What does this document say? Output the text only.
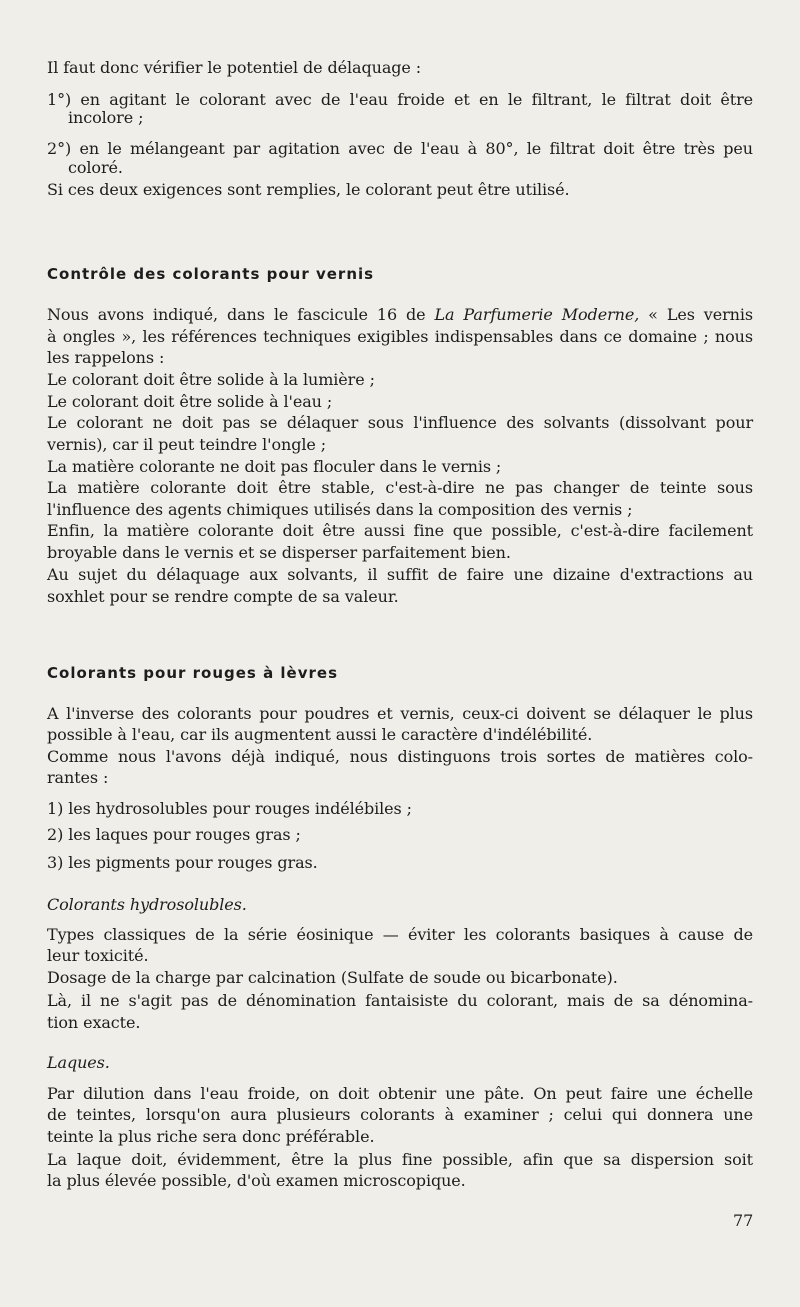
Il faut donc vérifier le potentiel de délaquage :
1°) en agitant le colorant avec de l'eau froide et en le filtrant, le filtrat doit être
incolore ;
2°) en le mélangeant par agitation avec de l'eau à 80°, le filtrat doit être très peu
coloré.
Si ces deux exigences sont remplies, le colorant peut être utilisé.
Contrôle des colorants pour vernis
Nous avons indiqué, dans le fascicule 16 de La Parfumerie Moderne, « Les vernis
à ongles », les références techniques exigibles indispensables dans ce domaine ; nous
les rappelons :
Le colorant doit être solide à la lumière ;
Le colorant doit être solide à l'eau ;
Le colorant ne doit pas se délaquer sous l'influence des solvants (dissolvant pour
vernis), car il peut teindre l'ongle ;
La matière colorante ne doit pas floculer dans le vernis ;
La matière colorante doit être stable, c'est-à-dire ne pas changer de teinte sous
l'influence des agents chimiques utilisés dans la composition des vernis ;
Enfin, la matière colorante doit être aussi fine que possible, c'est-à-dire facilement
broyable dans le vernis et se disperser parfaitement bien.
Au sujet du délaquage aux solvants, il suffit de faire une dizaine d'extractions au
soxhlet pour se rendre compte de sa valeur.
Colorants pour rouges à lèvres
A l'inverse des colorants pour poudres et vernis, ceux-ci doivent se délaquer le plus
possible à l'eau, car ils augmentent aussi le caractère d'indélébilité.
Comme nous l'avons déjà indiqué, nous distinguons trois sortes de matières colo-
rantes :
1) les hydrosolubles pour rouges indélébiles ;
2) les laques pour rouges gras ;
3) les pigments pour rouges gras.
Colorants hydrosolubles.
Types classiques de la série éosinique — éviter les colorants basiques à cause de
leur toxicité.
Dosage de la charge par calcination (Sulfate de soude ou bicarbonate).
Là, il ne s'agit pas de dénomination fantaisiste du colorant, mais de sa dénomina-
tion exacte.
Laques.
Par dilution dans l'eau froide, on doit obtenir une pâte. On peut faire une échelle
de teintes, lorsqu'on aura plusieurs colorants à examiner ; celui qui donnera une
teinte la plus riche sera donc préférable.
La laque doit, évidemment, être la plus fine possible, afin que sa dispersion soit
la plus élevée possible, d'où examen microscopique.
77
